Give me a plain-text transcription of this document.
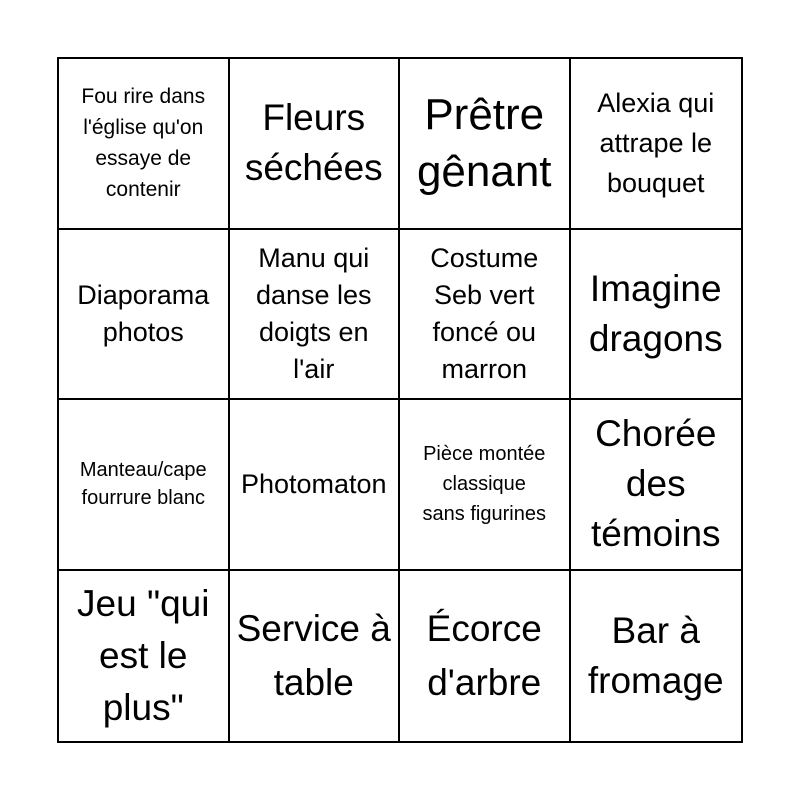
Fou rire dans l'église qu'on essaye de contenir
Fleurs séchées
Prêtre gênant
Alexia qui attrape le bouquet
Diaporama photos
Manu qui danse les doigts en l'air
Costume Seb vert foncé ou marron
Imagine dragons
Manteau/cape fourrure blanc	Photomaton
Pièce montée classique sans figurines
Chorée des témoins
Jeu "qui est le plus"
Service à table
Écorce d'arbre
Bar à fromage
